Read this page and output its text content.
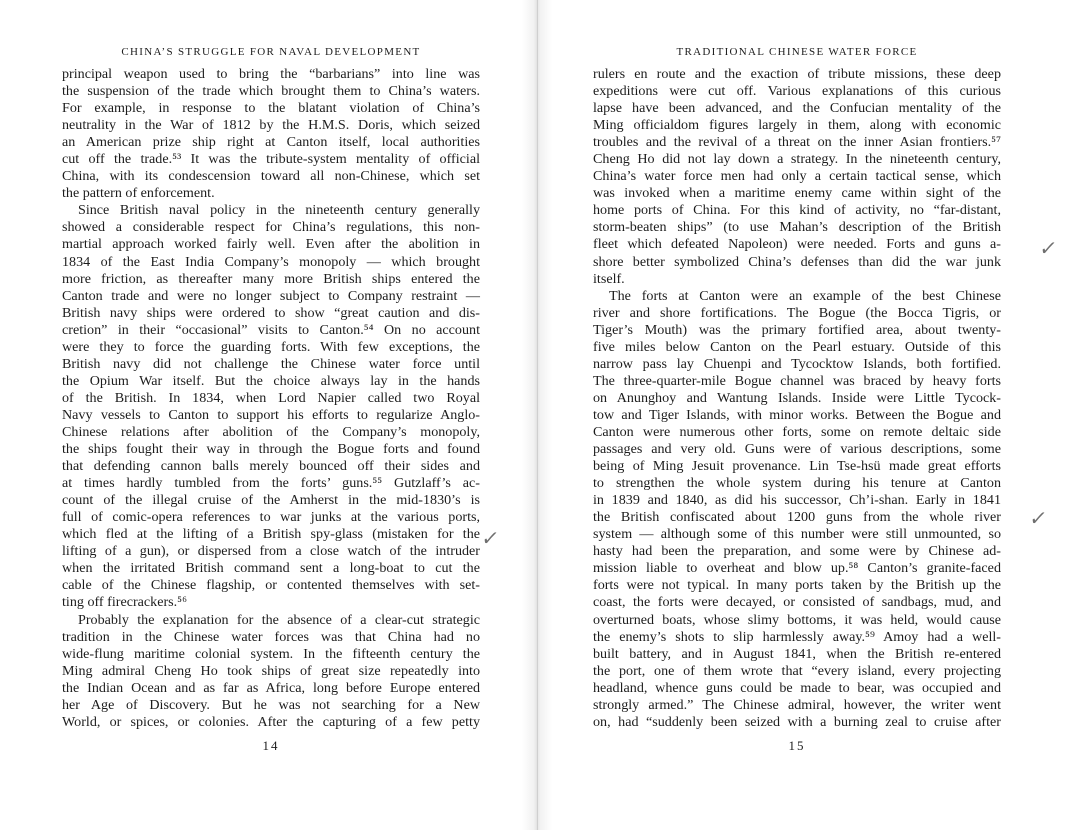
CHINA’S STRUGGLE FOR NAVAL DEVELOPMENT
principal weapon used to bring the “barbarians” into line was
the suspension of the trade which brought them to China’s waters.
For example, in response to the blatant violation of China’s
neutrality in the War of 1812 by the H.M.S. Doris, which seized
an American prize ship right at Canton itself, local authorities
cut off the trade.⁵³ It was the tribute-system mentality of official
China, with its condescension toward all non-Chinese, which set
the pattern of enforcement.
Since British naval policy in the nineteenth century generally
showed a considerable respect for China’s regulations, this non-
martial approach worked fairly well. Even after the abolition in
1834 of the East India Company’s monopoly — which brought
more friction, as thereafter many more British ships entered the
Canton trade and were no longer subject to Company restraint —
British navy ships were ordered to show “great caution and dis-
cretion” in their “occasional” visits to Canton.⁵⁴ On no account
were they to force the guarding forts. With few exceptions, the
British navy did not challenge the Chinese water force until
the Opium War itself. But the choice always lay in the hands
of the British. In 1834, when Lord Napier called two Royal
Navy vessels to Canton to support his efforts to regularize Anglo-
Chinese relations after abolition of the Company’s monopoly,
the ships fought their way in through the Bogue forts and found
that defending cannon balls merely bounced off their sides and
at times hardly tumbled from the forts’ guns.⁵⁵ Gutzlaff’s ac-
count of the illegal cruise of the Amherst in the mid-1830’s is
full of comic-opera references to war junks at the various ports,
which fled at the lifting of a British spy-glass (mistaken for the
lifting of a gun), or dispersed from a close watch of the intruder
when the irritated British command sent a long-boat to cut the
cable of the Chinese flagship, or contented themselves with set-
ting off firecrackers.⁵⁶
Probably the explanation for the absence of a clear-cut strategic
tradition in the Chinese water forces was that China had no
wide-flung maritime colonial system. In the fifteenth century the
Ming admiral Cheng Ho took ships of great size repeatedly into
the Indian Ocean and as far as Africa, long before Europe entered
her Age of Discovery. But he was not searching for a New
World, or spices, or colonies. After the capturing of a few petty
14
TRADITIONAL CHINESE WATER FORCE
rulers en route and the exaction of tribute missions, these deep
expeditions were cut off. Various explanations of this curious
lapse have been advanced, and the Confucian mentality of the
Ming officialdom figures largely in them, along with economic
troubles and the revival of a threat on the inner Asian frontiers.⁵⁷
Cheng Ho did not lay down a strategy. In the nineteenth century,
China’s water force men had only a certain tactical sense, which
was invoked when a maritime enemy came within sight of the
home ports of China. For this kind of activity, no “far-distant,
storm-beaten ships” (to use Mahan’s description of the British
fleet which defeated Napoleon) were needed. Forts and guns a-
shore better symbolized China’s defenses than did the war junk
itself.
The forts at Canton were an example of the best Chinese
river and shore fortifications. The Bogue (the Bocca Tigris, or
Tiger’s Mouth) was the primary fortified area, about twenty-
five miles below Canton on the Pearl estuary. Outside of this
narrow pass lay Chuenpi and Tycocktow Islands, both fortified.
The three-quarter-mile Bogue channel was braced by heavy forts
on Anunghoy and Wantung Islands. Inside were Little Tycock-
tow and Tiger Islands, with minor works. Between the Bogue and
Canton were numerous other forts, some on remote deltaic side
passages and very old. Guns were of various descriptions, some
being of Ming Jesuit provenance. Lin Tse-hsü made great efforts
to strengthen the whole system during his tenure at Canton
in 1839 and 1840, as did his successor, Ch’i-shan. Early in 1841
the British confiscated about 1200 guns from the whole river
system — although some of this number were still unmounted, so
hasty had been the preparation, and some were by Chinese ad-
mission liable to overheat and blow up.⁵⁸ Canton’s granite-faced
forts were not typical. In many ports taken by the British up the
coast, the forts were decayed, or consisted of sandbags, mud, and
overturned boats, whose slimy bottoms, it was held, would cause
the enemy’s shots to slip harmlessly away.⁵⁹ Amoy had a well-
built battery, and in August 1841, when the British re-entered
the port, one of them wrote that “every island, every projecting
headland, whence guns could be made to bear, was occupied and
strongly armed.” The Chinese admiral, however, the writer went
on, had “suddenly been seized with a burning zeal to cruise after
15
✓
✓
✓
